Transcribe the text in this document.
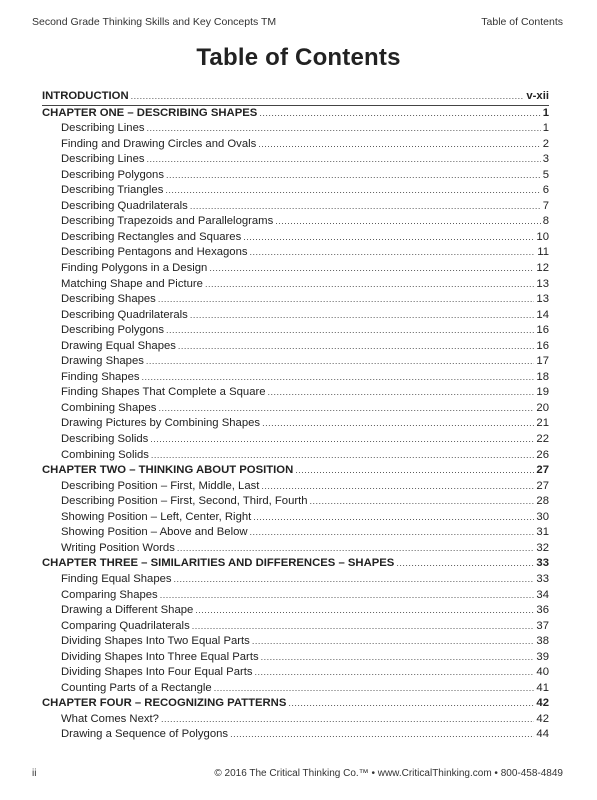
Second Grade Thinking Skills and Key Concepts TM	Table of Contents
Table of Contents
INTRODUCTION .....	v-xii
CHAPTER ONE – DESCRIBING SHAPES .....	1
Describing Lines .....	1
Finding and Drawing Circles and Ovals .....	2
Describing Lines .....	3
Describing Polygons .....	5
Describing Triangles .....	6
Describing Quadrilaterals .....	7
Describing Trapezoids and Parallelograms .....	8
Describing Rectangles and Squares .....	10
Describing Pentagons and Hexagons .....	11
Finding Polygons in a Design .....	12
Matching Shape and Picture .....	13
Describing Shapes .....	13
Describing Quadrilaterals .....	14
Describing Polygons .....	16
Drawing Equal Shapes .....	16
Drawing Shapes .....	17
Finding Shapes .....	18
Finding Shapes That Complete a Square .....	19
Combining Shapes .....	20
Drawing Pictures by Combining Shapes .....	21
Describing Solids .....	22
Combining Solids .....	26
CHAPTER TWO – THINKING ABOUT POSITION .....	27
Describing Position – First, Middle, Last .....	27
Describing Position – First, Second, Third, Fourth .....	28
Showing Position – Left, Center, Right .....	30
Showing Position – Above and Below .....	31
Writing Position Words .....	32
CHAPTER THREE – SIMILARITIES AND DIFFERENCES – SHAPES .....	33
Finding Equal Shapes .....	33
Comparing Shapes .....	34
Drawing a Different Shape .....	36
Comparing Quadrilaterals .....	37
Dividing Shapes Into Two Equal Parts .....	38
Dividing Shapes Into Three Equal Parts .....	39
Dividing Shapes Into Four Equal Parts .....	40
Counting Parts of a Rectangle .....	41
CHAPTER FOUR – RECOGNIZING PATTERNS .....	42
What Comes Next? .....	42
Drawing a Sequence of Polygons .....	44
ii	© 2016 The Critical Thinking Co.™ • www.CriticalThinking.com • 800-458-4849
